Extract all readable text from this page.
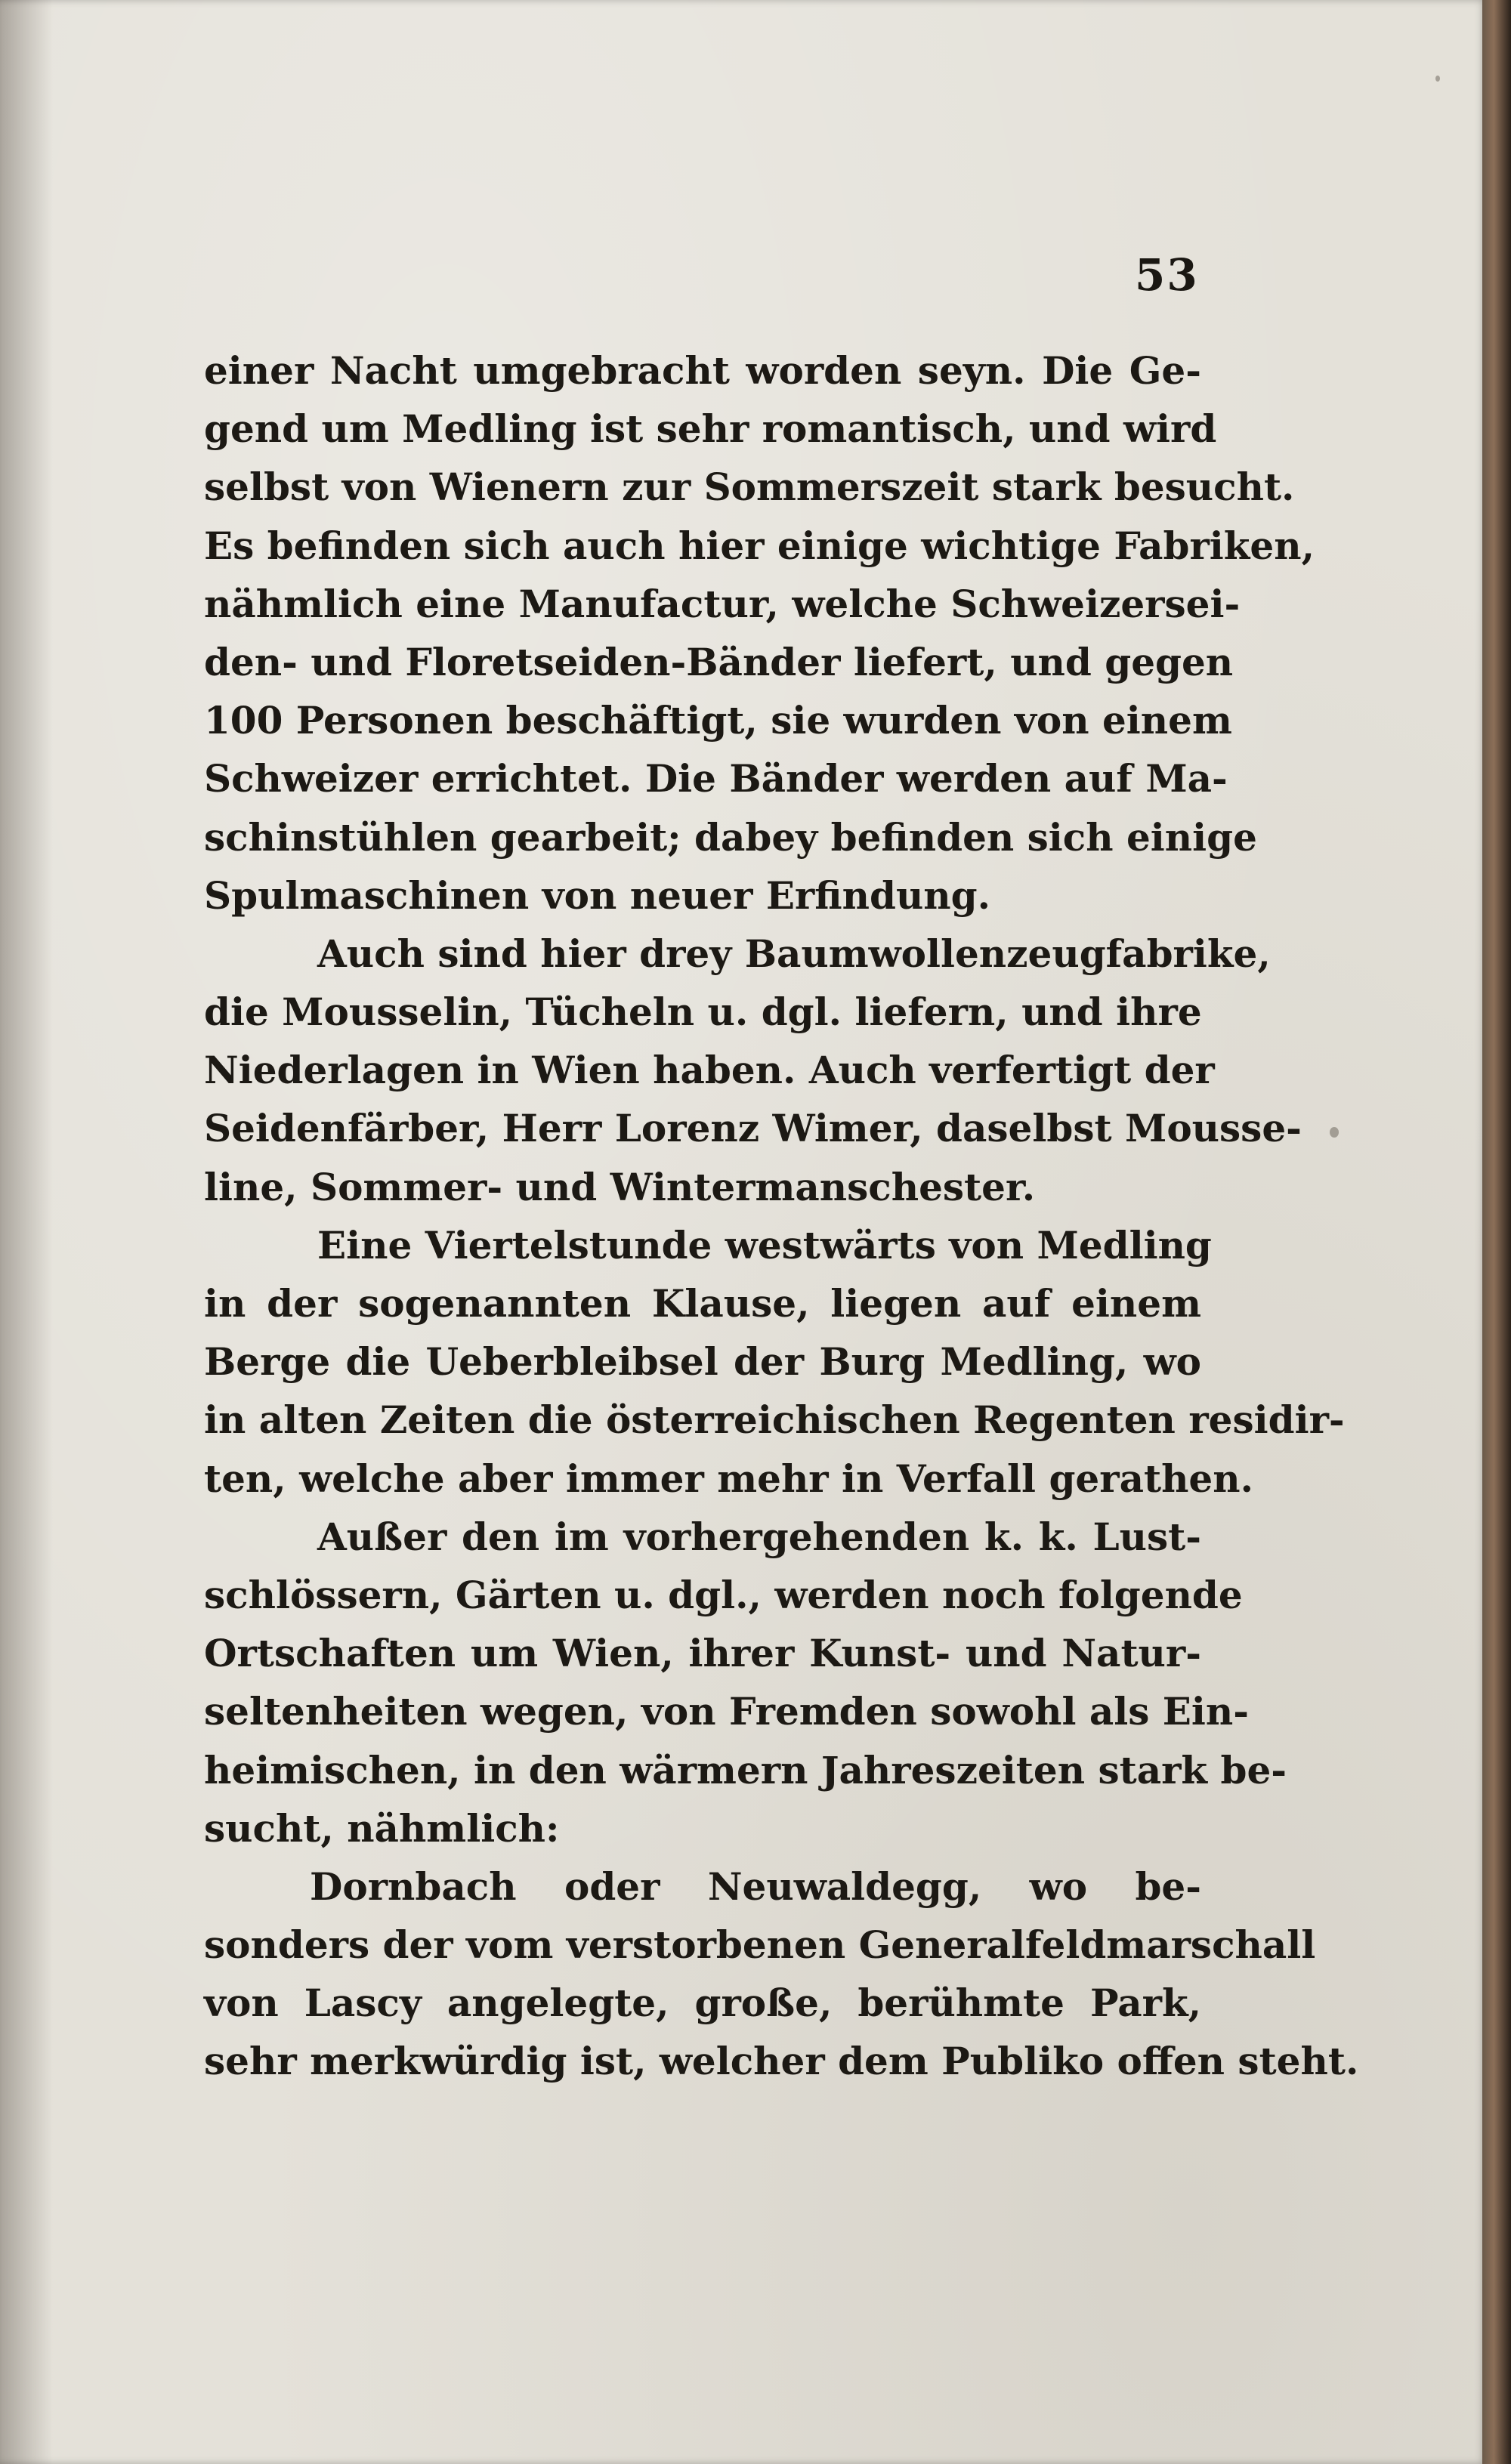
53
einer Nacht umgebracht worden seyn. Die Ge-
gend um Medling ist sehr romantisch, und wird
selbst von Wienern zur Sommerszeit stark besucht.
Es befinden sich auch hier einige wichtige Fabriken,
nähmlich eine Manufactur, welche Schweizersei-
den- und Floretseiden-Bänder liefert, und gegen
100 Personen beschäftigt, sie wurden von einem
Schweizer errichtet. Die Bänder werden auf Ma-
schinstühlen gearbeit; dabey befinden sich einige
Spulmaschinen von neuer Erfindung.
Auch sind hier drey Baumwollenzeugfabrike,
die Mousselin, Tücheln u. dgl. liefern, und ihre
Niederlagen in Wien haben. Auch verfertigt der
Seidenfärber, Herr Lorenz Wimer, daselbst Mousse-
line, Sommer- und Wintermanschester.
Eine Viertelstunde westwärts von Medling
in der sogenannten Klause, liegen auf einem
Berge die Ueberbleibsel der Burg Medling, wo
in alten Zeiten die österreichischen Regenten residir-
ten, welche aber immer mehr in Verfall gerathen.
Außer den im vorhergehenden k. k. Lust-
schlössern, Gärten u. dgl., werden noch folgende
Ortschaften um Wien, ihrer Kunst- und Natur-
seltenheiten wegen, von Fremden sowohl als Ein-
heimischen, in den wärmern Jahreszeiten stark be-
sucht, nähmlich:
Dornbach oder Neuwaldegg, wo be-
sonders der vom verstorbenen Generalfeldmarschall
von Lascy angelegte, große, berühmte Park,
sehr merkwürdig ist, welcher dem Publiko offen steht.
